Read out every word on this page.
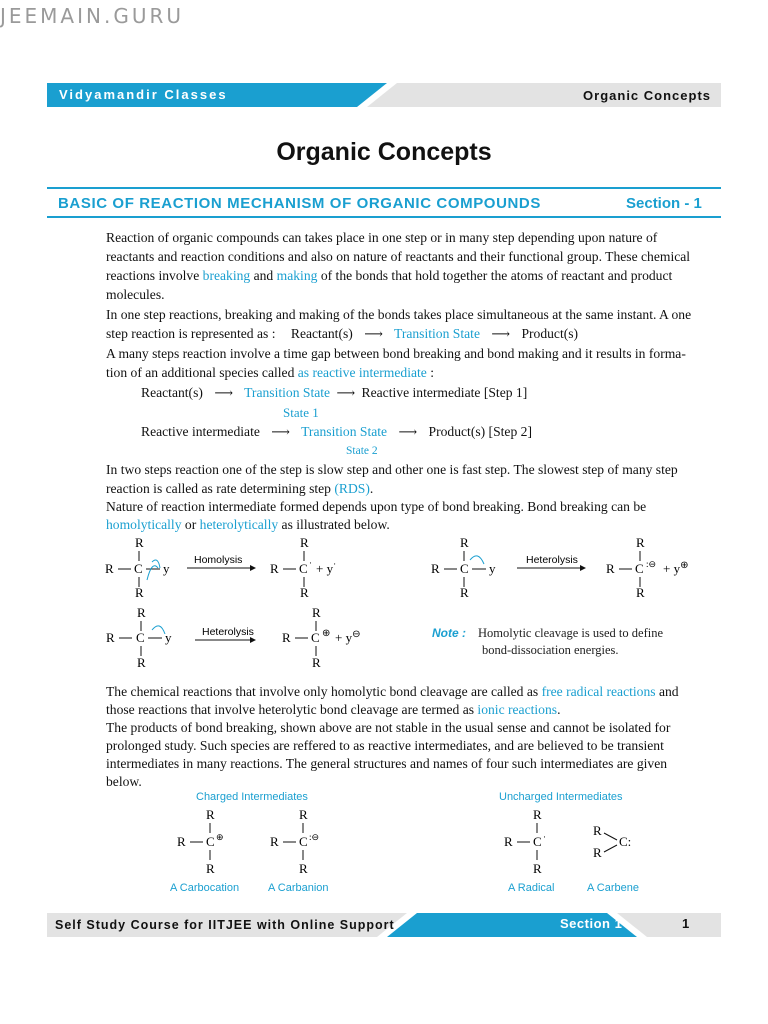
JEEMAIN.GURU
Vidyamandir Classes	Organic Concepts
Organic Concepts
BASIC OF REACTION MECHANISM OF ORGANIC COMPOUNDS	Section - 1
Reaction of organic compounds can takes place in one step or in many step depending upon nature of
reactants and reaction conditions and also on nature of reactants and their functional group. These chemical
reactions involve breaking and making of the bonds that hold together the atoms of reactant and product
molecules.
In one step reactions, breaking and making of the bonds takes place simultaneous at the same instant. A one
step reaction is represented as : Reactant(s) ⟶ Transition State ⟶ Product(s)
A many steps reaction involve a time gap between bond breaking and bond making and it results in forma-
tion of an additional species called as reactive intermediate :
Reactant(s) ⟶ Transition State ⟶ Reactive intermediate [Step 1]
State 1
Reactive intermediate ⟶ Transition State ⟶ Product(s) [Step 2]
State 2
In two steps reaction one of the step is slow step and other one is fast step. The slowest step of many step
reaction is called as rate determining step (RDS).
Nature of reaction intermediate formed depends upon type of bond breaking. Bond breaking can be
homolytically or heterolytically as illustrated below.
R
R C y
R
Homolysis
R
R C · + y·
R
R
R C y
R
Heterolysis
R
R C :⊖ + y⊕
R
R
R C y
R
Heterolysis
R
R C ⊕ + y⊖
R
Note : Homolytic cleavage is used to define
bond-dissociation energies.
The chemical reactions that involve only homolytic bond cleavage are called as free radical reactions and
those reactions that involve heterolytic bond cleavage are termed as ionic reactions.
The products of bond breaking, shown above are not stable in the usual sense and cannot be isolated for
prolonged study. Such species are reffered to as reactive intermediates, and are believed to be transient
intermediates in many reactions. The general structures and names of four such intermediates are given
below.
Charged Intermediates	Uncharged Intermediates
R
R C ⊕
R
R
R C :⊖
R
R
R C ·
R
R
R
C:
A Carbocation	A Carbanion	A Radical	A Carbene
Self Study Course for IITJEE with Online Support	Section 1	1
